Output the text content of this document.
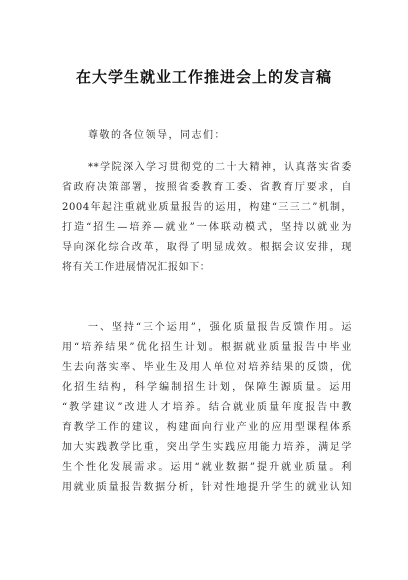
在大学生就业工作推进会上的发言稿
尊敬的各位领导，同志们：
**学院深入学习贯彻党的二十大精神，认真落实省委
省政府决策部署，按照省委教育工委、省教育厅要求，自
2004年起注重就业质量报告的运用，构建“三三二”机制，
打造“招生—培养—就业”一体联动模式，坚持以就业为
导向深化综合改革，取得了明显成效。根据会议安排，现
将有关工作进展情况汇报如下：
一、坚持“三个运用”，强化质量报告反馈作用。运
用“培养结果”优化招生计划。根据就业质量报告中毕业
生去向落实率、毕业生及用人单位对培养结果的反馈，优
化招生结构，科学编制招生计划，保障生源质量。运用
“教学建议”改进人才培养。结合就业质量年度报告中教
育教学工作的建议，构建面向行业产业的应用型课程体系
加大实践教学比重，突出学生实践应用能力培养，满足学
生个性化发展需求。运用“就业数据”提升就业质量。利
用就业质量报告数据分析，针对性地提升学生的就业认知
